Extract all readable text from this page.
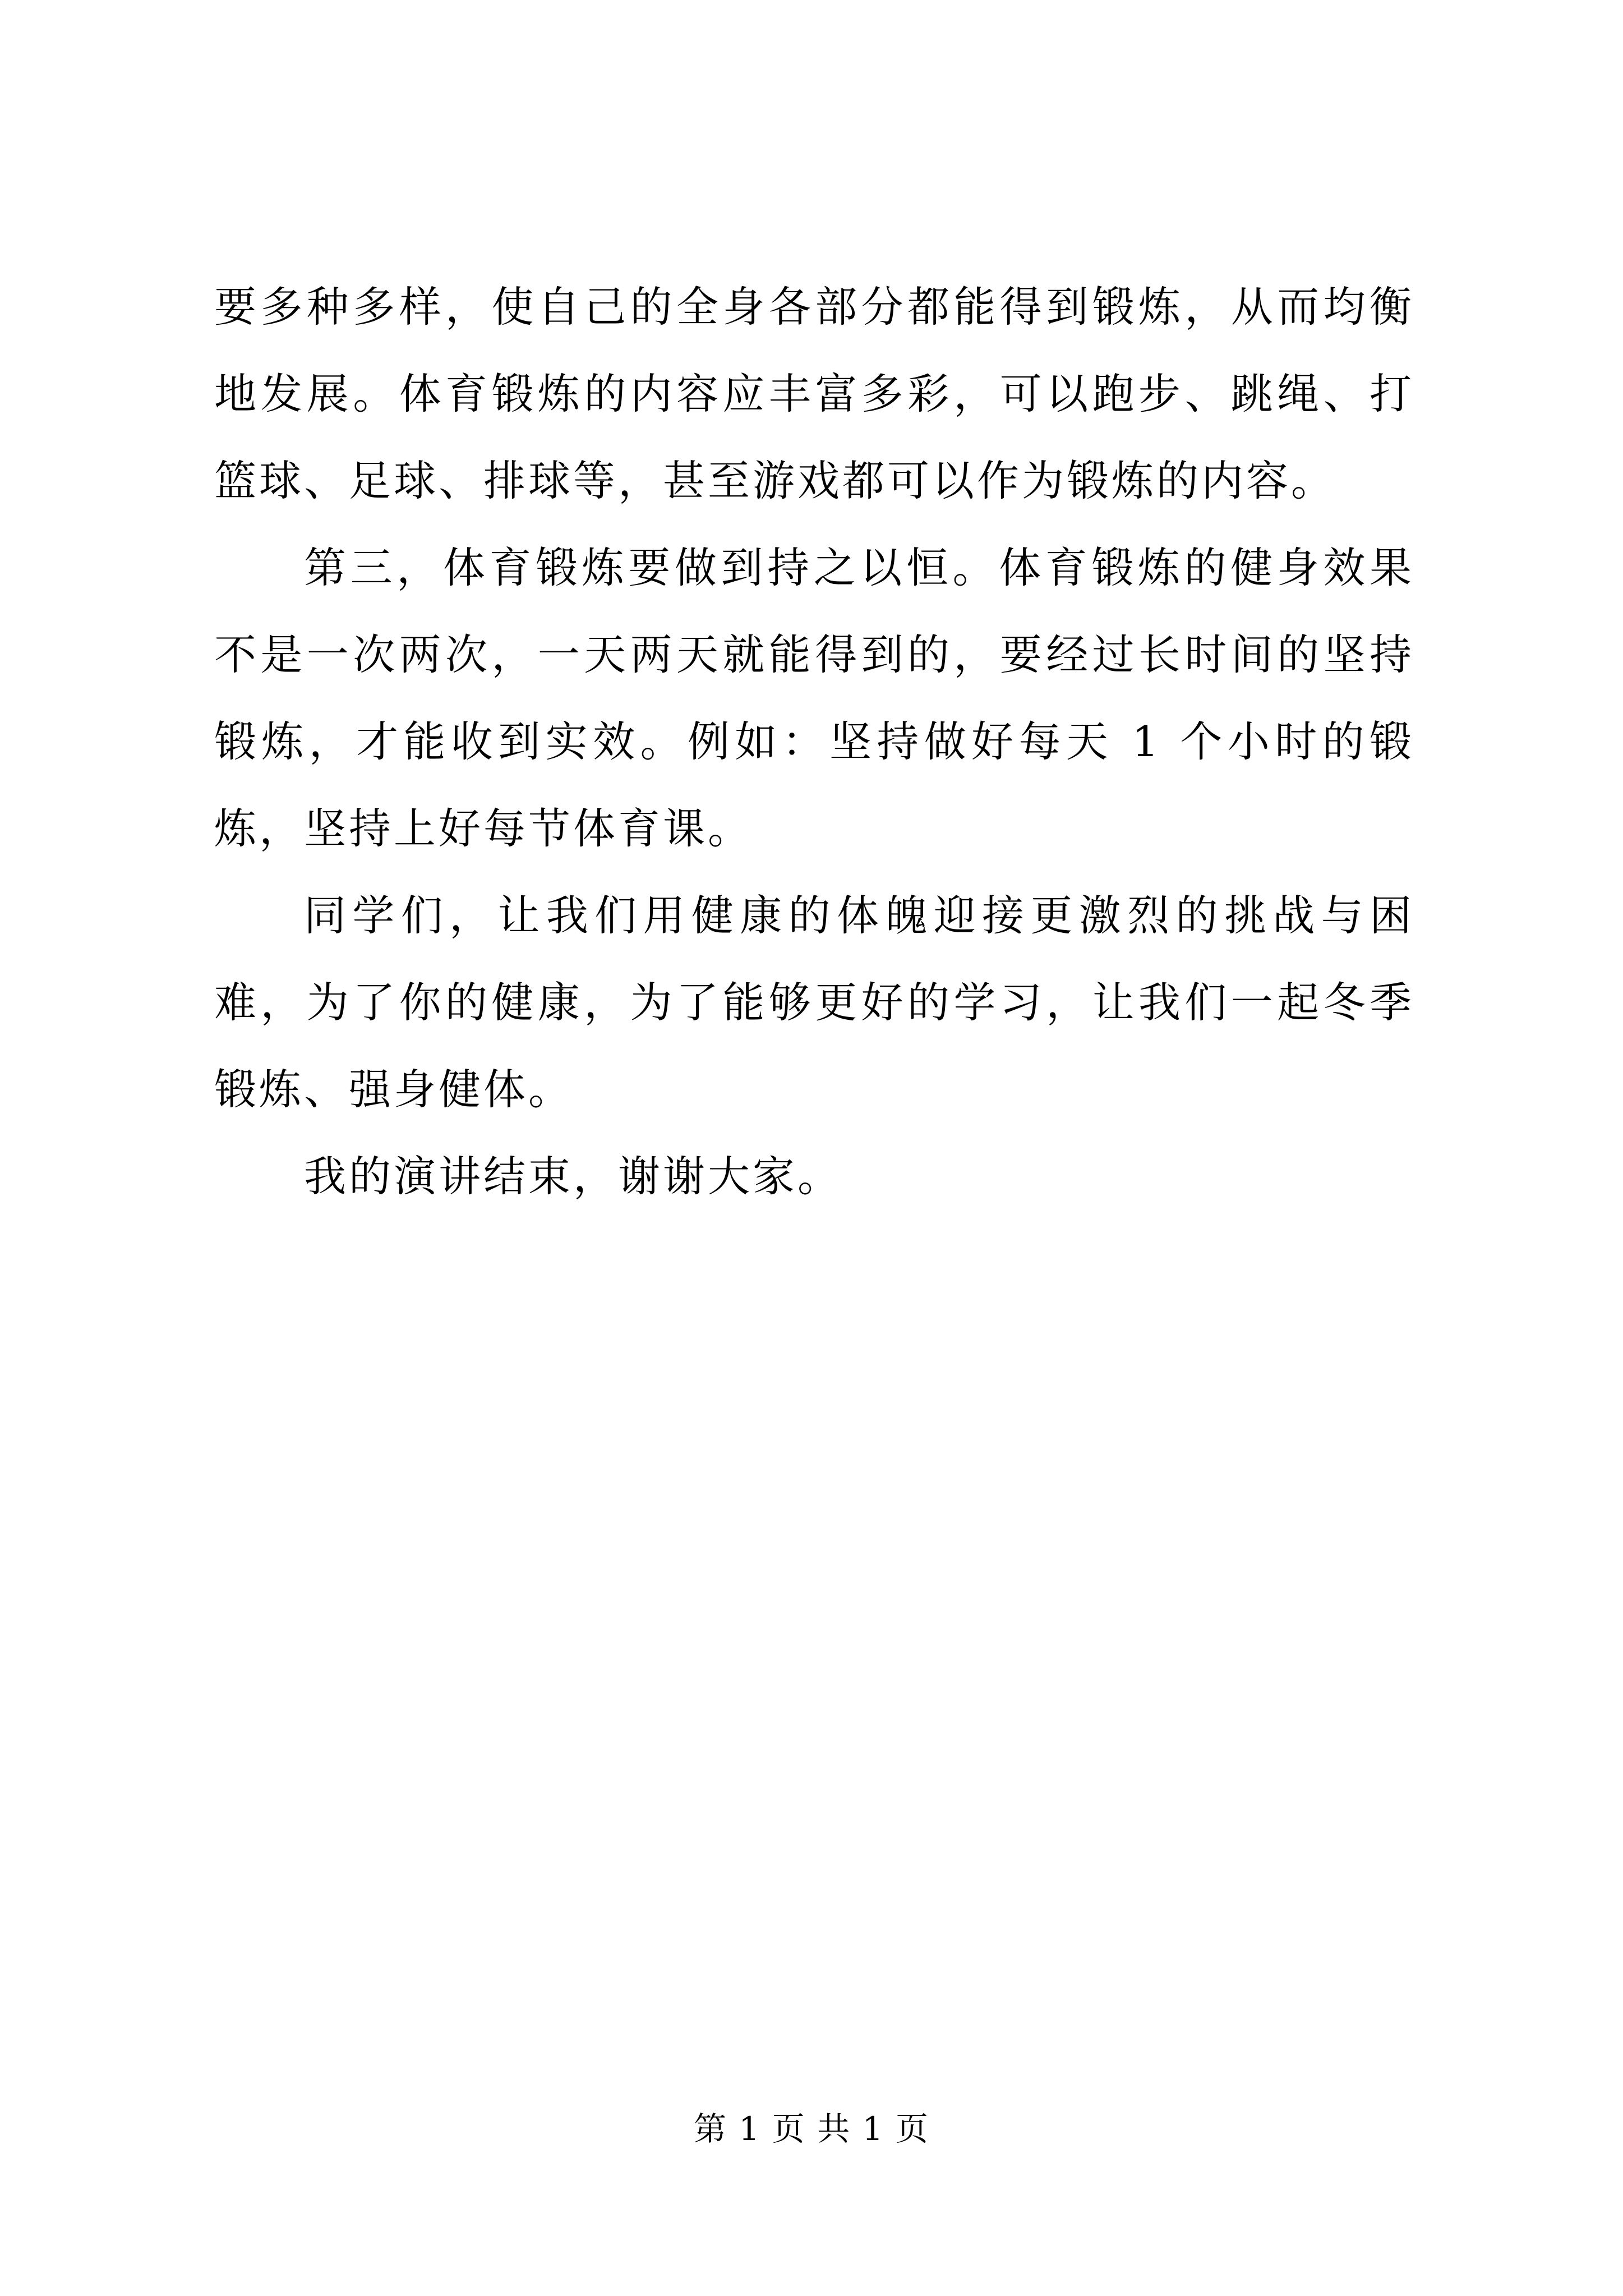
要多种多样，使自己的全身各部分都能得到锻炼，从而均衡地发展。体育锻炼的内容应丰富多彩，可以跑步、跳绳、打篮球、足球、排球等，甚至游戏都可以作为锻炼的内容。

第三，体育锻炼要做到持之以恒。体育锻炼的健身效果不是一次两次，一天两天就能得到的，要经过长时间的坚持锻炼，才能收到实效。例如：坚持做好每天 1 个小时的锻炼，坚持上好每节体育课。

同学们，让我们用健康的体魄迎接更激烈的挑战与困难，为了你的健康，为了能够更好的学习，让我们一起冬季锻炼、强身健体。

我的演讲结束，谢谢大家。

第 1 页 共 1 页
